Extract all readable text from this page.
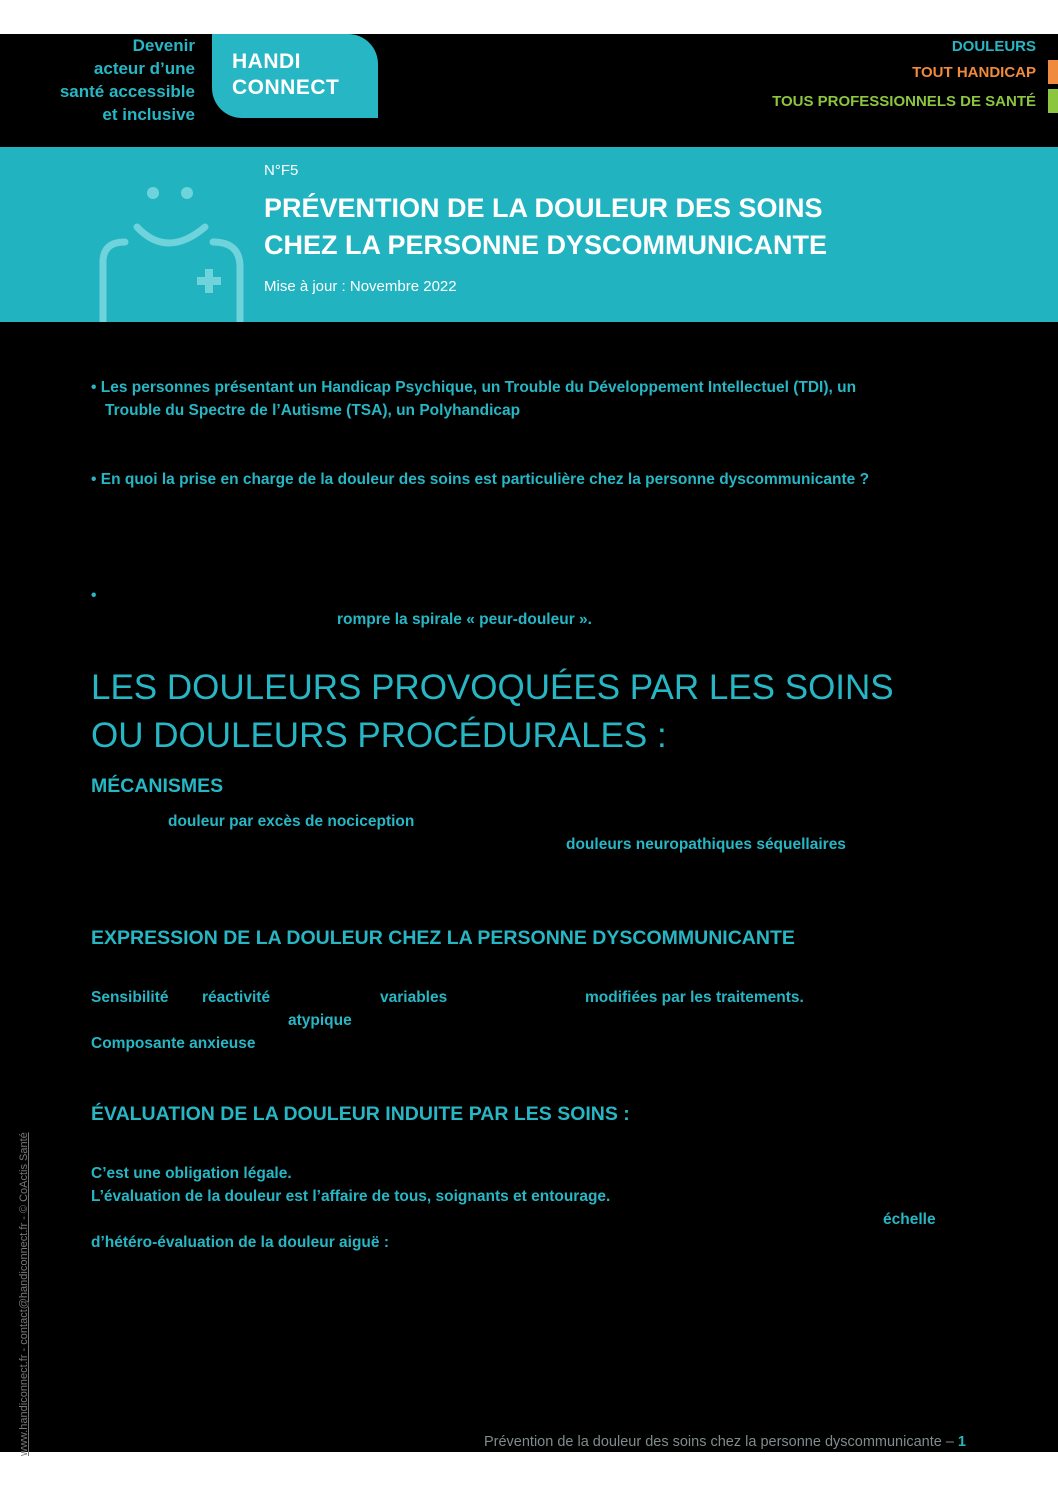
Devenir
acteur d’une
santé accessible
et inclusive
HANDI
CONNECT
DOULEURS
TOUT HANDICAP
TOUS PROFESSIONNELS DE SANTÉ
N°F5
PRÉVENTION DE LA DOULEUR DES SOINS
CHEZ LA PERSONNE DYSCOMMUNICANTE
Mise à jour : Novembre 2022
• Les personnes présentant un Handicap Psychique, un Trouble du Développement Intellectuel (TDI), un
Trouble du Spectre de l’Autisme (TSA), un Polyhandicap
• En quoi la prise en charge de la douleur des soins est particulière chez la personne dyscommunicante ?
•
rompre la spirale « peur-douleur ».
LES DOULEURS PROVOQUÉES PAR LES SOINS
OU DOULEURS PROCÉDURALES :
MÉCANISMES
douleur par excès de nociception
douleurs neuropathiques séquellaires
EXPRESSION DE LA DOULEUR CHEZ LA PERSONNE DYSCOMMUNICANTE
Sensibilité réactivité	variables	modifiées par les traitements.
atypique
Composante anxieuse
ÉVALUATION DE LA DOULEUR INDUITE PAR LES SOINS :
C’est une obligation légale.
L’évaluation de la douleur est l’affaire de tous, soignants et entourage.
échelle
d’hétéro-évaluation de la douleur aiguë :
www.handiconnect.fr - contact@handiconnect.fr - © CoActis Santé
Prévention de la douleur des soins chez la personne dyscommunicante – 1
